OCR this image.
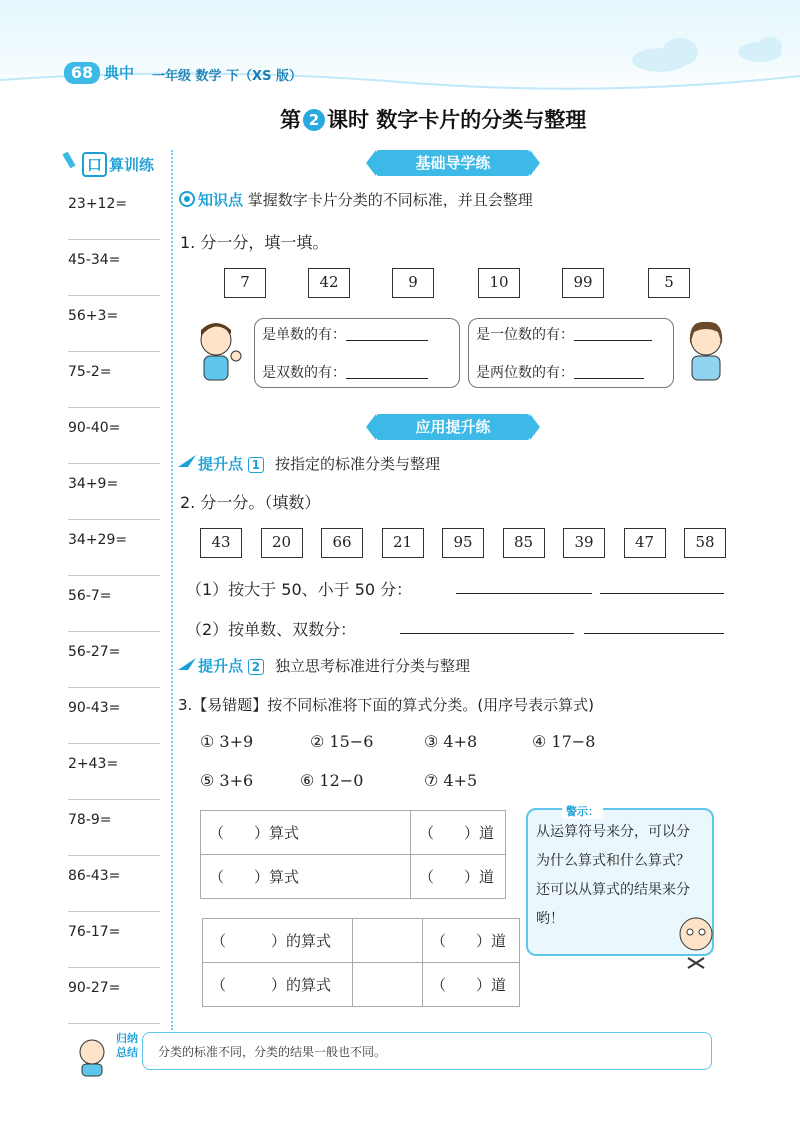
68 典中 一年级 数学 下（XS 版）
第 2 课时 数字卡片的分类与整理
口 算训练
23+12=
45-34=
56+3=
75-2=
90-40=
34+9=
34+29=
56-7=
56-27=
90-43=
2+43=
78-9=
86-43=
76-17=
90-27=
基础导学练
知识点 掌握数字卡片分类的不同标准，并且会整理
1. 分一分，填一填。
7	42	9	10	99	5
是单数的有：
是双数的有：
是一位数的有：
是两位数的有：
应用提升练
提升点 1 按指定的标准分类与整理
2. 分一分。（填数）
43	20	66	21	95	85	39	47	58
（1）按大于 50、小于 50 分：
（2）按单数、双数分：
提升点 2 独立思考标准进行分类与整理
3.【易错题】按不同标准将下面的算式分类。(用序号表示算式)
① 3+9	② 15−6	③ 4+8	④ 17−8
⑤ 3+6	⑥ 12−0	⑦ 4+5
（　　）算式	（　　）道
（　　）算式	（　　）道
（　　　）的算式		（　　）道
（　　　）的算式		（　　）道
警示：
从运算符号来分，可以分为什么算式和什么算式？还可以从算式的结果来分哟！
归纳总结	分类的标准不同，分类的结果一般也不同。
